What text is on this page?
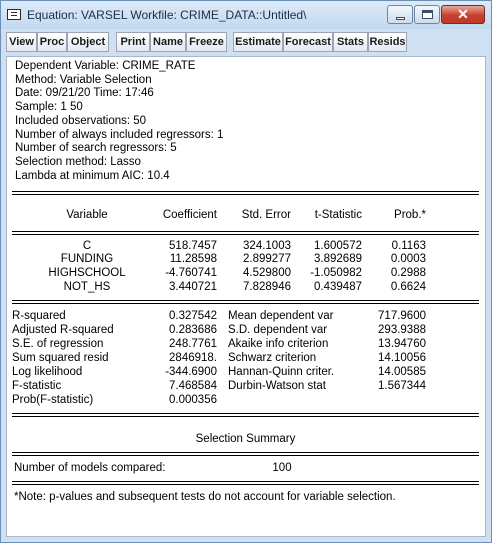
Equation: VARSEL Workfile: CRIME_DATA::Untitled\	✕
View Proc Object	Print Name Freeze Estimate Forecast Stats Resids
Dependent Variable: CRIME_RATE
Method: Variable Selection
Date: 09/21/20 Time: 17:46
Sample: 1 50
Included observations: 50
Number of always included regressors: 1
Number of search regressors: 5
Selection method: Lasso
Lambda at minimum AIC: 10.4
Variable	Coefficient	Std. Error	t-Statistic	Prob.*
C	518.7457	324.1003	1.600572	0.1163
FUNDING	11.28598	2.899277	3.892689	0.0003
HIGHSCHOOL	-4.760741	4.529800	-1.050982	0.2988
NOT_HS	3.440721	7.828946	0.439487	0.6624
R-squared	0.327542 Mean dependent var	717.9600
Adjusted R-squared	0.283686 S.D. dependent var	293.9388
S.E. of regression	248.7761 Akaike info criterion	13.94760
Sum squared resid	2846918. Schwarz criterion	14.10056
Log likelihood	-344.6900 Hannan-Quinn criter.	14.00585
F-statistic	7.468584 Durbin-Watson stat	1.567344
Prob(F-statistic)	0.000356
Selection Summary
Number of models compared:	100
*Note: p-values and subsequent tests do not account for variable selection.
